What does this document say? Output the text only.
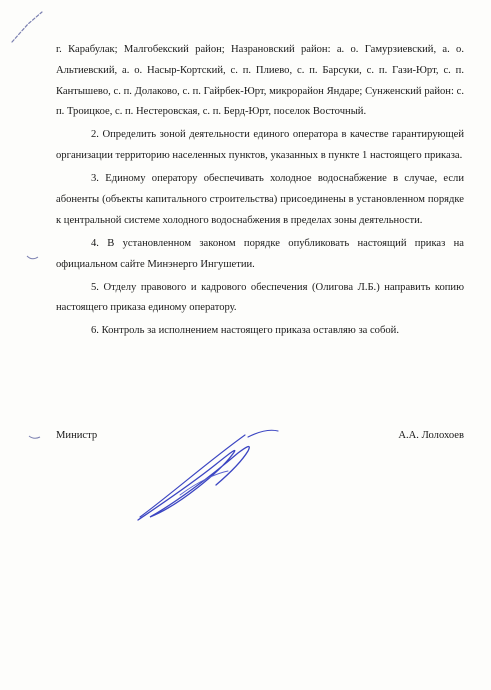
г. Карабулак; Малгобекский район; Назрановский район: а. о. Гамурзиевский, а. о. Альтиевский, а. о. Насыр-Кортский, с. п. Плиево, с. п. Барсуки, с. п. Гази-Юрт, с. п. Кантышево, с. п. Долаково, с. п. Гайрбек-Юрт, микрорайон Яндаре; Сунженский район: с. п. Троицкое, с. п. Нестеровская, с. п. Берд-Юрт, поселок Восточный.

2. Определить зоной деятельности единого оператора в качестве гарантирующей организации территорию населенных пунктов, указанных в пункте 1 настоящего приказа.

3. Единому оператору обеспечивать холодное водоснабжение в случае, если абоненты (объекты капитального строительства) присоединены в установленном порядке к центральной системе холодного водоснабжения в пределах зоны деятельности.

4. В установленном законом порядке опубликовать настоящий приказ на официальном сайте Минэнерго Ингушетии.

5. Отделу правового и кадрового обеспечения (Олигова Л.Б.) направить копию настоящего приказа единому оператору.

6. Контроль за исполнением настоящего приказа оставляю за собой.

Министр	А.А. Лолохоев
